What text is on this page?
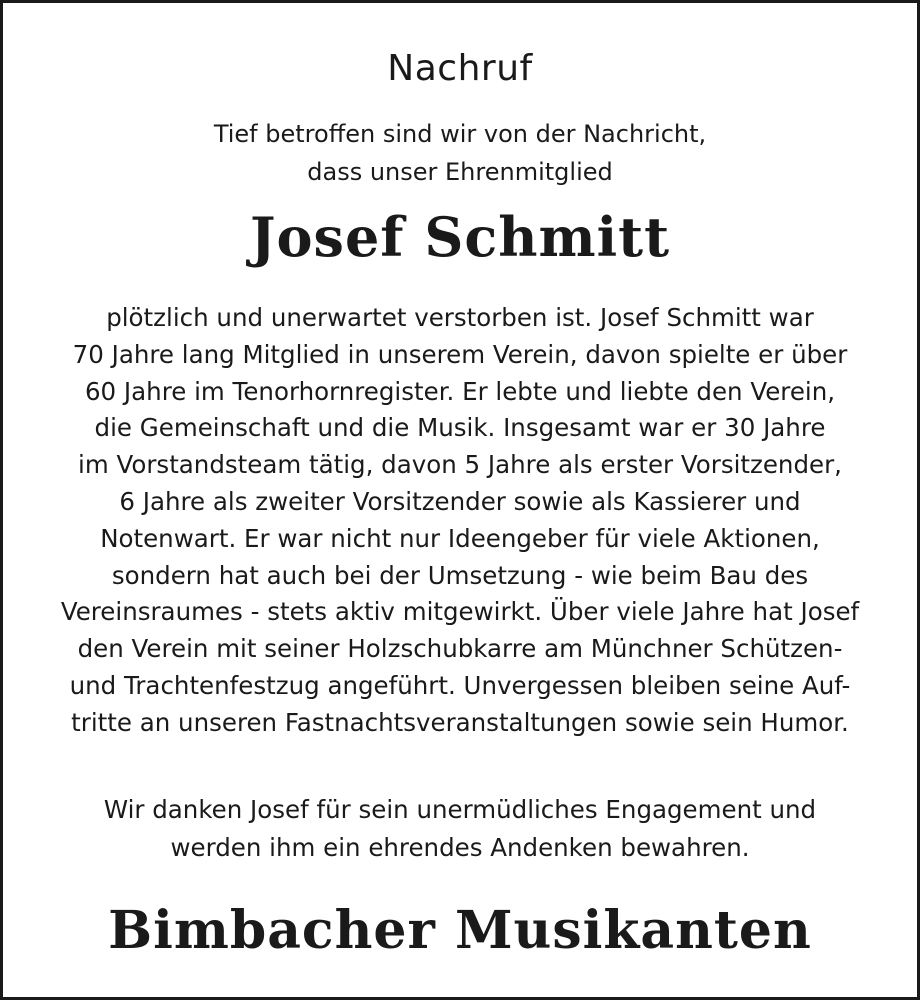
Nachruf
Tief betroffen sind wir von der Nachricht,
dass unser Ehrenmitglied
Josef Schmitt
plötzlich und unerwartet verstorben ist. Josef Schmitt war
70 Jahre lang Mitglied in unserem Verein, davon spielte er über
60 Jahre im Tenorhornregister. Er lebte und liebte den Verein,
die Gemeinschaft und die Musik. Insgesamt war er 30 Jahre
im Vorstandsteam tätig, davon 5 Jahre als erster Vorsitzender,
6 Jahre als zweiter Vorsitzender sowie als Kassierer und
Notenwart. Er war nicht nur Ideengeber für viele Aktionen,
sondern hat auch bei der Umsetzung - wie beim Bau des
Vereinsraumes - stets aktiv mitgewirkt. Über viele Jahre hat Josef
den Verein mit seiner Holzschubkarre am Münchner Schützen-
und Trachtenfestzug angeführt. Unvergessen bleiben seine Auf-
tritte an unseren Fastnachtsveranstaltungen sowie sein Humor.
Wir danken Josef für sein unermüdliches Engagement und
werden ihm ein ehrendes Andenken bewahren.
Bimbacher Musikanten
